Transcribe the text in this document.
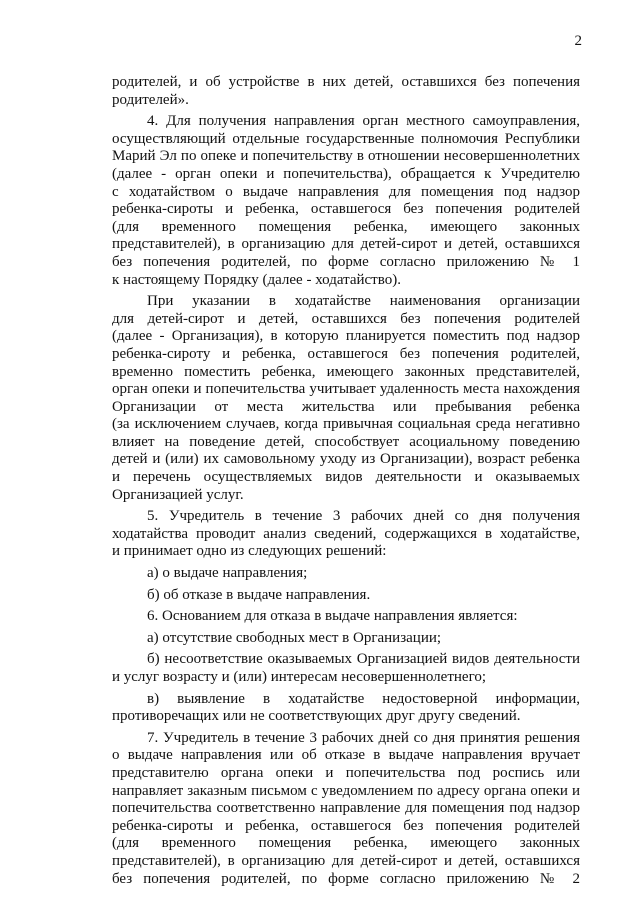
2
родителей, и об устройстве в них детей, оставшихся без попечения
родителей».
4. Для получения направления орган местного самоуправления,
осуществляющий отдельные государственные полномочия Республики
Марий Эл по опеке и попечительству в отношении несовершеннолетних
(далее - орган опеки и попечительства), обращается к Учредителю
с ходатайством о выдаче направления для помещения под надзор
ребенка-сироты и ребенка, оставшегося без попечения родителей
(для временного помещения ребенка, имеющего законных
представителей), в организацию для детей-сирот и детей, оставшихся
без попечения родителей, по форме согласно приложению № 1
к настоящему Порядку (далее - ходатайство).
При указании в ходатайстве наименования организации
для детей-сирот и детей, оставшихся без попечения родителей
(далее - Организация), в которую планируется поместить под надзор
ребенка-сироту и ребенка, оставшегося без попечения родителей,
временно поместить ребенка, имеющего законных представителей,
орган опеки и попечительства учитывает удаленность места нахождения
Организации от места жительства или пребывания ребенка
(за исключением случаев, когда привычная социальная среда негативно
влияет на поведение детей, способствует асоциальному поведению
детей и (или) их самовольному уходу из Организации), возраст ребенка
и перечень осуществляемых видов деятельности и оказываемых
Организацией услуг.
5. Учредитель в течение 3 рабочих дней со дня получения
ходатайства проводит анализ сведений, содержащихся в ходатайстве,
и принимает одно из следующих решений:
а) о выдаче направления;
б) об отказе в выдаче направления.
6. Основанием для отказа в выдаче направления является:
а) отсутствие свободных мест в Организации;
б) несоответствие оказываемых Организацией видов деятельности
и услуг возрасту и (или) интересам несовершеннолетнего;
в) выявление в ходатайстве недостоверной информации,
противоречащих или не соответствующих друг другу сведений.
7. Учредитель в течение 3 рабочих дней со дня принятия решения
о выдаче направления или об отказе в выдаче направления вручает
представителю органа опеки и попечительства под роспись или
направляет заказным письмом с уведомлением по адресу органа опеки и
попечительства соответственно направление для помещения под надзор
ребенка-сироты и ребенка, оставшегося без попечения родителей
(для временного помещения ребенка, имеющего законных
представителей), в организацию для детей-сирот и детей, оставшихся
без попечения родителей, по форме согласно приложению № 2
